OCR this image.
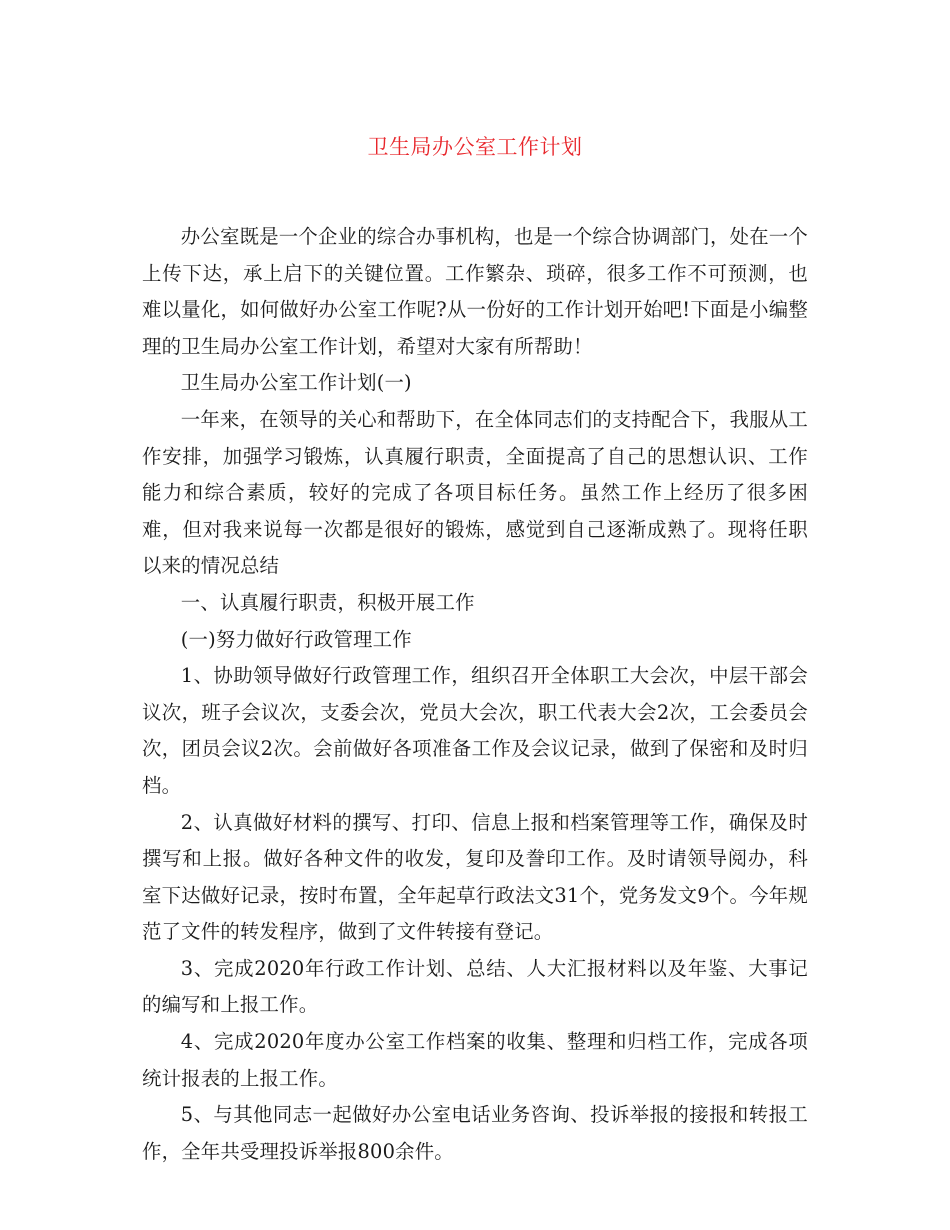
卫生局办公室工作计划

办公室既是一个企业的综合办事机构，也是一个综合协调部门，处在一个上传下达，承上启下的关键位置。工作繁杂、琐碎，很多工作不可预测，也难以量化，如何做好办公室工作呢?从一份好的工作计划开始吧!下面是小编整理的卫生局办公室工作计划，希望对大家有所帮助！

卫生局办公室工作计划(一)

一年来，在领导的关心和帮助下，在全体同志们的支持配合下，我服从工作安排，加强学习锻炼，认真履行职责，全面提高了自己的思想认识、工作能力和综合素质，较好的完成了各项目标任务。虽然工作上经历了很多困难，但对我来说每一次都是很好的锻炼，感觉到自己逐渐成熟了。现将任职以来的情况总结

一、认真履行职责，积极开展工作

(一)努力做好行政管理工作

1、协助领导做好行政管理工作，组织召开全体职工大会次，中层干部会议次，班子会议次，支委会次，党员大会次，职工代表大会2次，工会委员会次，团员会议2次。会前做好各项准备工作及会议记录，做到了保密和及时归档。

2、认真做好材料的撰写、打印、信息上报和档案管理等工作，确保及时撰写和上报。做好各种文件的收发，复印及誊印工作。及时请领导阅办，科室下达做好记录，按时布置，全年起草行政法文31个，党务发文9个。今年规范了文件的转发程序，做到了文件转接有登记。

3、完成2020年行政工作计划、总结、人大汇报材料以及年鉴、大事记的编写和上报工作。

4、完成2020年度办公室工作档案的收集、整理和归档工作，完成各项统计报表的上报工作。

5、与其他同志一起做好办公室电话业务咨询、投诉举报的接报和转报工作，全年共受理投诉举报800余件。
